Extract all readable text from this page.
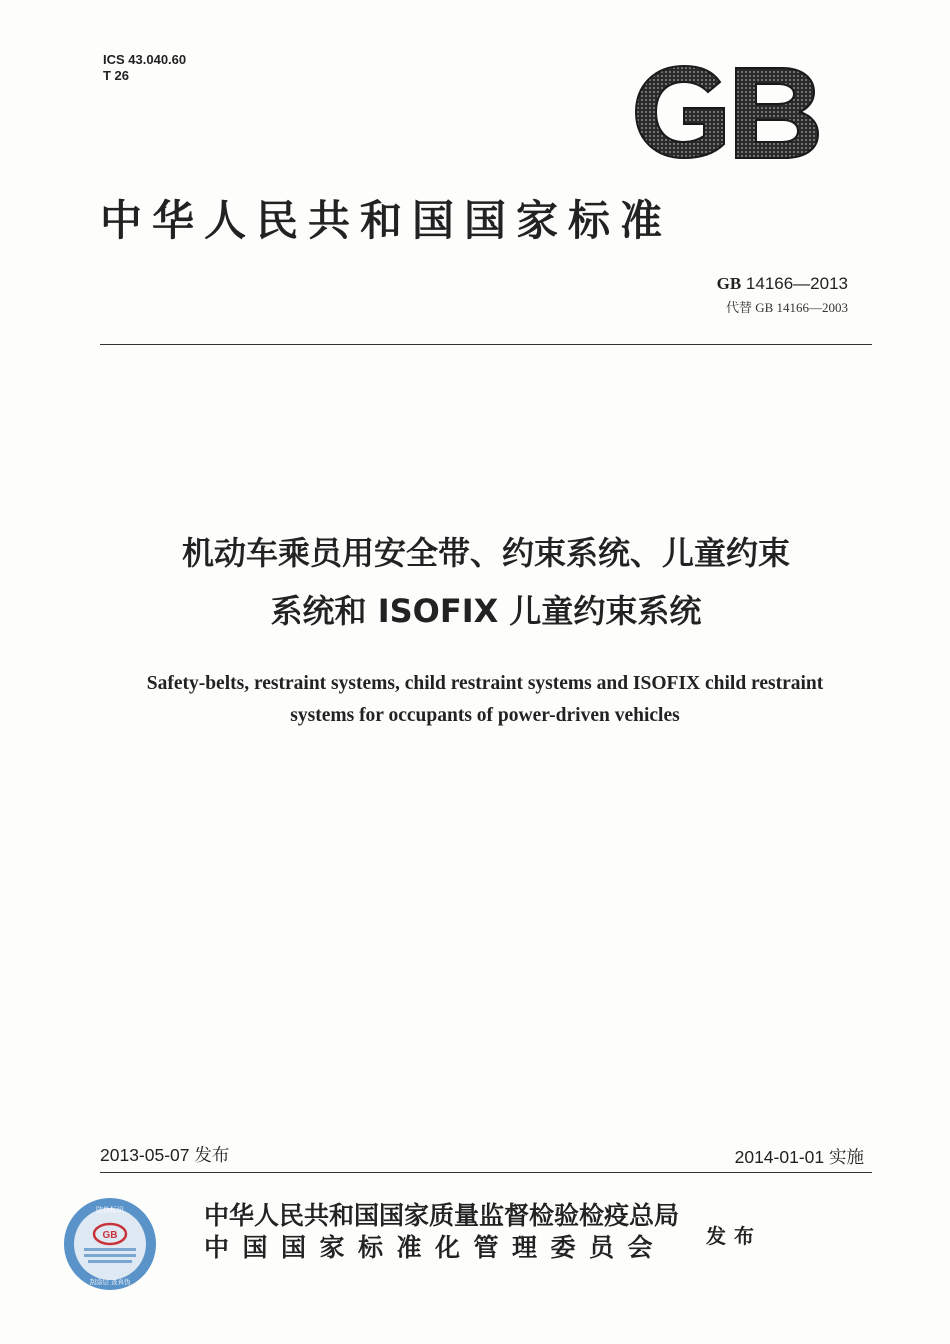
ICS 43.040.60
T 26
GB
中华人民共和国国家标准
GB 14166—2013
代替 GB 14166—2003
机动车乘员用安全带、约束系统、儿童约束
系统和 ISOFIX 儿童约束系统
Safety-belts, restraint systems, child restraint systems and ISOFIX child restraint
systems for occupants of power-driven vehicles
2013-05-07 发布	2014-01-01 实施
GB
防伪标识
刮涂层 查真伪
中华人民共和国国家质量监督检验检疫总局
中国国家标准化管理委员会	发布
